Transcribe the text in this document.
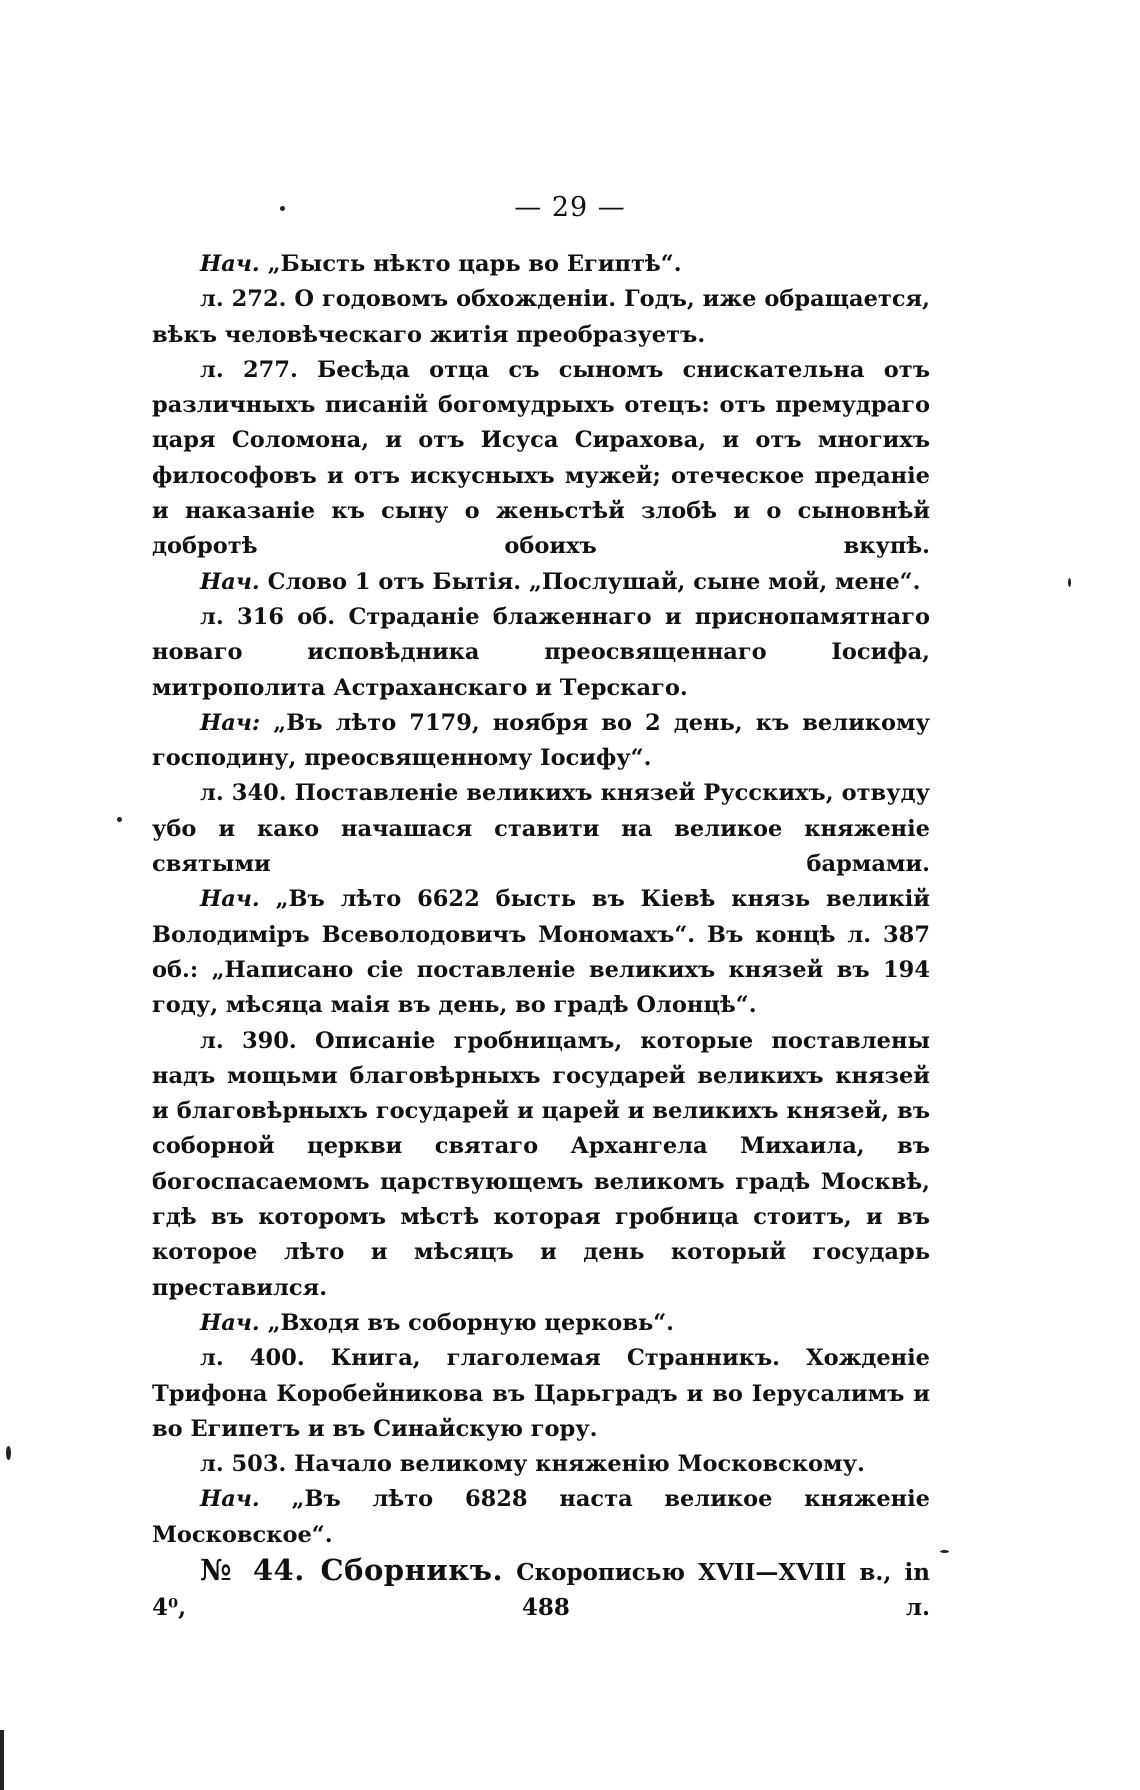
— 29 —

Нач. „Бысть нѣкто царь во Египтѣ“.

л. 272. О годовомъ обхожденіи. Годъ, иже обращается, вѣкъ человѣческаго житія преобразуетъ.

л. 277. Бесѣда отца съ сыномъ снискательна отъ различныхъ писаній богомудрыхъ отецъ: отъ премудраго царя Соломона, и отъ Исуса Сирахова, и отъ многихъ философовъ и отъ искусныхъ мужей; отеческое преданіе и наказаніе къ сыну о женьстѣй злобѣ и о сыновнѣй добротѣ обоихъ вкупѣ.

Нач. Слово 1 отъ Бытія. „Послушай, сыне мой, мене“.

л. 316 об. Страданіе блаженнаго и приснопамятнаго новаго исповѣдника преосвященнаго Іосифа, митрополита Астраханскаго и Терскаго.

Нач: „Въ лѣто 7179, ноября во 2 день, къ великому господину, преосвященному Іосифу“.

л. 340. Поставленіе великихъ князей Русскихъ, отвуду убо и како начашася ставити на великое княженіе святыми бармами.

Нач. „Въ лѣто 6622 бысть въ Кіевѣ князь великій Володиміръ Всеволодовичъ Мономахъ“. Въ концѣ л. 387 об.: „Написано сіе поставленіе великихъ князей въ 194 году, мѣсяца маія въ день, во градѣ Олонцѣ“.

л. 390. Описаніе гробницамъ, которые поставлены надъ мощьми благовѣрныхъ государей великихъ князей и благовѣрныхъ государей и царей и великихъ князей, въ соборной церкви святаго Архангела Михаила, въ богоспасаемомъ царствующемъ великомъ градѣ Москвѣ, гдѣ въ которомъ мѣстѣ которая гробница стоитъ, и въ которое лѣто и мѣсяцъ и день который государь преставился.

Нач. „Входя въ соборную церковь“.

л. 400. Книга, глаголемая Странникъ. Хожденіе Трифона Коробейникова въ Царьградъ и во Іерусалимъ и во Египетъ и въ Синайскую гору.

л. 503. Начало великому княженію Московскому.

Нач. „Въ лѣто 6828 наста великое княженіе Московское“.

№ 44. Сборникъ. Скорописью XVII—XVIII в., in 4⁰, 488 л.
